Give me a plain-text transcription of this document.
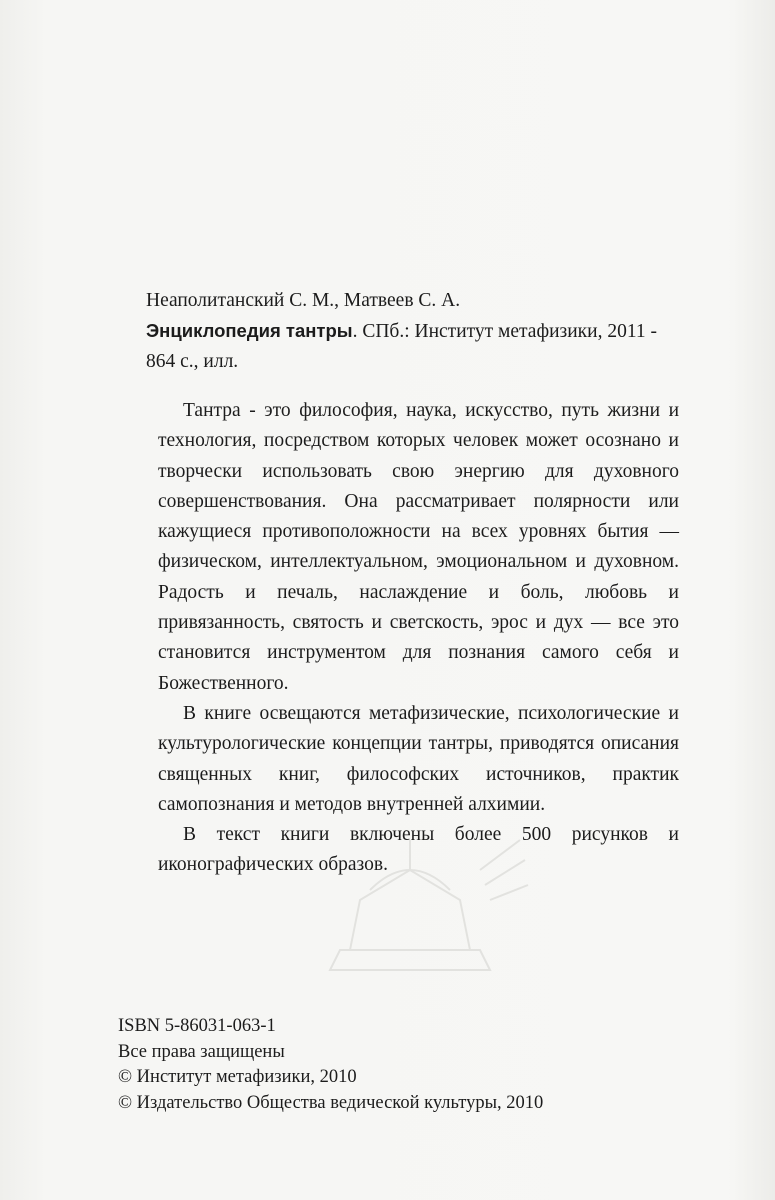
Неаполитанский С. М., Матвеев С. А.
Энциклопедия тантры. СПб.: Институт метафизики, 2011 - 864 с., илл.

Тантра - это философия, наука, искусство, путь жизни и технология, посредством которых человек может осознано и творчески использовать свою энергию для духовного совершенствования. Она рассматривает полярности или кажущиеся противоположности на всех уровнях бытия — физическом, интеллектуальном, эмоциональном и духовном. Радость и печаль, наслаждение и боль, любовь и привязанность, святость и светскость, эрос и дух — все это становится инструментом для познания самого себя и Божественного.

В книге освещаются метафизические, психологические и культурологические концепции тантры, приводятся описания священных книг, философских источников, практик самопознания и методов внутренней алхимии.

В текст книги включены более 500 рисунков и иконографических образов.

ISBN 5-86031-063-1
Все права защищены
© Институт метафизики, 2010
© Издательство Общества ведической культуры, 2010
